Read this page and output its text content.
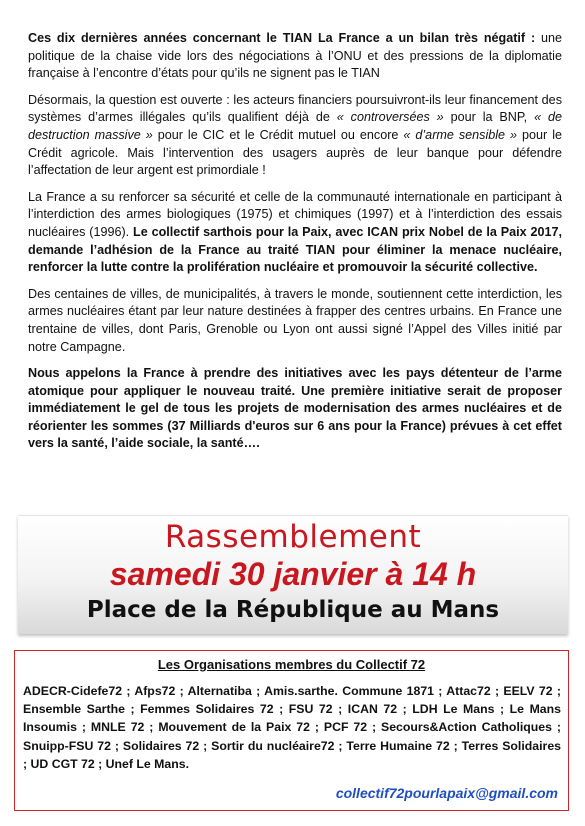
Ces dix dernières années concernant le TIAN La France a un bilan très négatif : une politique de la chaise vide lors des négociations à l’ONU et des pressions de la diplomatie française à l’encontre d’états pour qu’ils ne signent pas le TIAN

Désormais, la question est ouverte : les acteurs financiers poursuivront-ils leur financement des systèmes d’armes illégales qu’ils qualifient déjà de « controversées » pour la BNP, « de destruction massive » pour le CIC et le Crédit mutuel ou encore « d’arme sensible » pour le Crédit agricole. Mais l’intervention des usagers auprès de leur banque pour défendre l’affectation de leur argent est primordiale !

La France a su renforcer sa sécurité et celle de la communauté internationale en participant à l’interdiction des armes biologiques (1975) et chimiques (1997) et à l’interdiction des essais nucléaires (1996). Le collectif sarthois pour la Paix, avec ICAN prix Nobel de la Paix 2017, demande l’adhésion de la France au traité TIAN pour éliminer la menace nucléaire, renforcer la lutte contre la prolifération nucléaire et promouvoir la sécurité collective.

Des centaines de villes, de municipalités, à travers le monde, soutiennent cette interdiction, les armes nucléaires étant par leur nature destinées à frapper des centres urbains. En France une trentaine de villes, dont Paris, Grenoble ou Lyon ont aussi signé l’Appel des Villes initié par notre Campagne.

Nous appelons la France à prendre des initiatives avec les pays détenteur de l’arme atomique pour appliquer le nouveau traité. Une première initiative serait de proposer immédiatement le gel de tous les projets de modernisation des armes nucléaires et de réorienter les sommes (37 Milliards d'euros sur 6 ans pour la France) prévues à cet effet vers la santé, l’aide sociale, la santé….

Rassemblement
samedi 30 janvier à 14 h
Place de la République au Mans
Les Organisations membres du Collectif 72
ADECR-Cidefe72 ; Afps72 ; Alternatiba ; Amis.sarthe. Commune 1871 ; Attac72 ; EELV 72 ; Ensemble Sarthe ; Femmes Solidaires 72 ; FSU 72 ; ICAN 72 ; LDH Le Mans ; Le Mans Insoumis ; MNLE 72 ; Mouvement de la Paix 72 ; PCF 72 ; Secours&Action Catholiques ; Snuipp-FSU 72 ; Solidaires 72 ; Sortir du nucléaire72 ; Terre Humaine 72 ; Terres Solidaires ; UD CGT 72 ; Unef Le Mans.
collectif72pourlapaix@gmail.com
